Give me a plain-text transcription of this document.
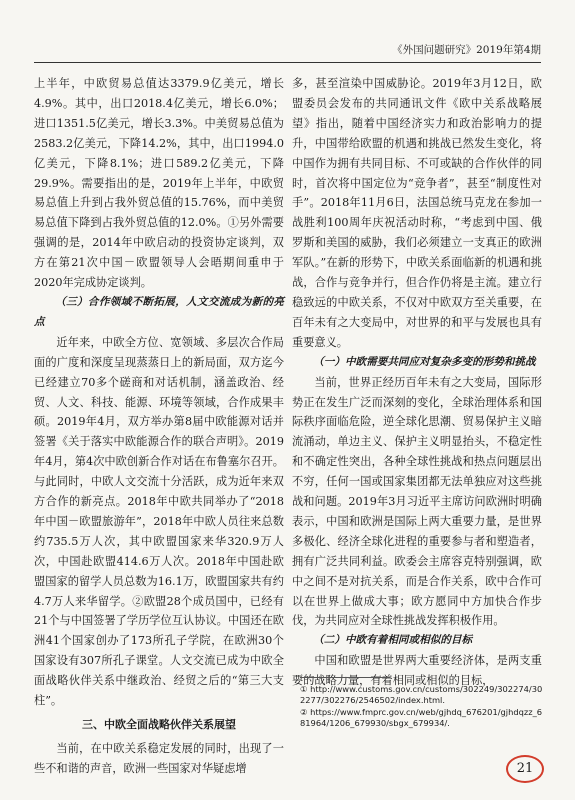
《外国问题研究》2019年第4期

上半年，中欧贸易总值达3379.9亿美元，增长4.9%。其中，出口2018.4亿美元，增长6.0%；进口1351.5亿美元，增长3.3%。中美贸易总值为2583.2亿美元，下降14.2%，其中，出口1994.0亿美元，下降8.1%；进口589.2亿美元，下降29.9%。需要指出的是，2019年上半年，中欧贸易总值上升到占我外贸总值的15.76%，而中美贸易总值下降到占我外贸总值的12.0%。①另外需要强调的是，2014年中欧启动的投资协定谈判，双方在第21次中国－欧盟领导人会晤期间重申于2020年完成协定谈判。

（三）合作领域不断拓展，人文交流成为新的亮点

近年来，中欧全方位、宽领域、多层次合作局面的广度和深度呈现蒸蒸日上的新局面，双方迄今已经建立70多个磋商和对话机制，涵盖政治、经贸、人文、科技、能源、环境等领域，合作成果丰硕。2019年4月，双方举办第8届中欧能源对话并签署《关于落实中欧能源合作的联合声明》。2019年4月，第4次中欧创新合作对话在布鲁塞尔召开。与此同时，中欧人文交流十分活跃，成为近年来双方合作的新亮点。2018年中欧共同举办了“2018年中国－欧盟旅游年”，2018年中欧人员往来总数约735.5万人次，其中欧盟国家来华320.9万人次，中国赴欧盟414.6万人次。2018年中国赴欧盟国家的留学人员总数为16.1万，欧盟国家共有约4.7万人来华留学。②欧盟28个成员国中，已经有21个与中国签署了学历学位互认协议。中国还在欧洲41个国家创办了173所孔子学院，在欧洲30个国家设有307所孔子课堂。人文交流已成为中欧全面战略伙伴关系中继政治、经贸之后的“第三大支柱”。

三、中欧全面战略伙伴关系展望

当前，在中欧关系稳定发展的同时，出现了一些不和谐的声音，欧洲一些国家对华疑虑增

多，甚至渲染中国威胁论。2019年3月12日，欧盟委员会发布的共同通讯文件《欧中关系战略展望》指出，随着中国经济实力和政治影响力的提升，中国带给欧盟的机遇和挑战已然发生变化，将中国作为拥有共同目标、不可或缺的合作伙伴的同时，首次将中国定位为“竞争者”，甚至“制度性对手”。2018年11月6日，法国总统马克龙在参加一战胜利100周年庆祝活动时称，“考虑到中国、俄罗斯和美国的威胁，我们必须建立一支真正的欧洲军队。”在新的形势下，中欧关系面临新的机遇和挑战，合作与竞争并行，但合作仍将是主流。建立行稳致远的中欧关系，不仅对中欧双方至关重要，在百年未有之大变局中，对世界的和平与发展也具有重要意义。

（一）中欧需要共同应对复杂多变的形势和挑战

当前，世界正经历百年未有之大变局，国际形势正在发生广泛而深刻的变化，全球治理体系和国际秩序面临危险，逆全球化思潮、贸易保护主义暗流涌动，单边主义、保护主义明显抬头，不稳定性和不确定性突出，各种全球性挑战和热点问题层出不穷，任何一国或国家集团都无法单独应对这些挑战和问题。2019年3月习近平主席访问欧洲时明确表示，中国和欧洲是国际上两大重要力量，是世界多极化、经济全球化进程的重要参与者和塑造者，拥有广泛共同利益。欧委会主席容克特别强调，欧中之间不是对抗关系，而是合作关系，欧中合作可以在世界上做成大事；欧方愿同中方加快合作步伐，为共同应对全球性挑战发挥积极作用。

（二）中欧有着相同或相似的目标

中国和欧盟是世界两大重要经济体，是两支重要的战略力量，有着相同或相似的目标，

① http://www.customs.gov.cn/customs/302249/302274/302277/302276/2546502/index.html.

② https://www.fmprc.gov.cn/web/gjhdq_676201/gjhdqzz_681964/1206_679930/sbgx_679934/.

21
